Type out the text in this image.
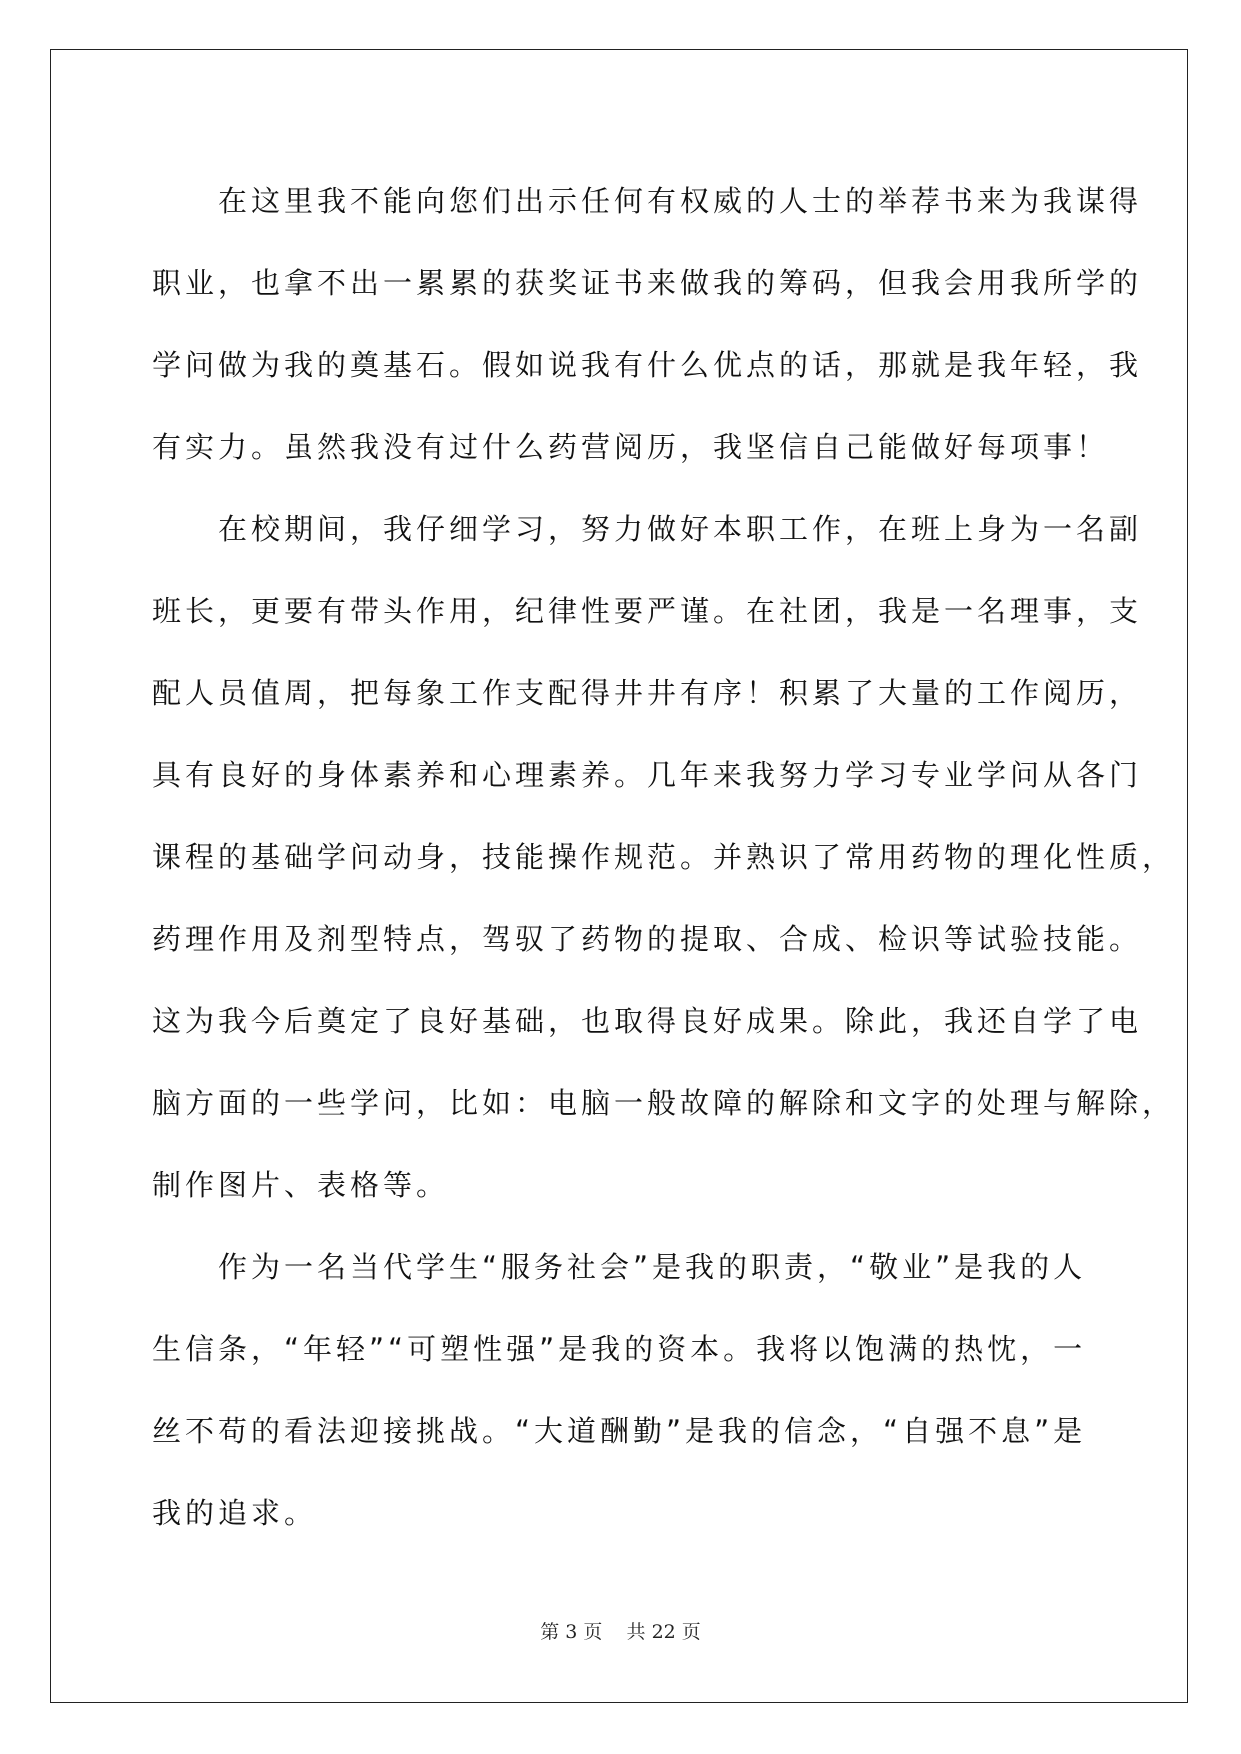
在这里我不能向您们出示任何有权威的人士的举荐书来为我谋得
职业，也拿不出一累累的获奖证书来做我的筹码，但我会用我所学的
学问做为我的奠基石。假如说我有什么优点的话，那就是我年轻，我
有实力。虽然我没有过什么药营阅历，我坚信自己能做好每项事！
在校期间，我仔细学习，努力做好本职工作，在班上身为一名副
班长，更要有带头作用，纪律性要严谨。在社团，我是一名理事，支
配人员值周，把每象工作支配得井井有序！积累了大量的工作阅历，
具有良好的身体素养和心理素养。几年来我努力学习专业学问从各门
课程的基础学问动身，技能操作规范。并熟识了常用药物的理化性质，
药理作用及剂型特点，驾驭了药物的提取、合成、检识等试验技能。
这为我今后奠定了良好基础，也取得良好成果。除此，我还自学了电
脑方面的一些学问，比如：电脑一般故障的解除和文字的处理与解除，
制作图片、表格等。
作为一名当代学生“服务社会”是我的职责，“敬业”是我的人
生信条，“年轻”“可塑性强”是我的资本。我将以饱满的热忱，一
丝不苟的看法迎接挑战。“大道酬勤”是我的信念，“自强不息”是
我的追求。
第 3 页 共 22 页
